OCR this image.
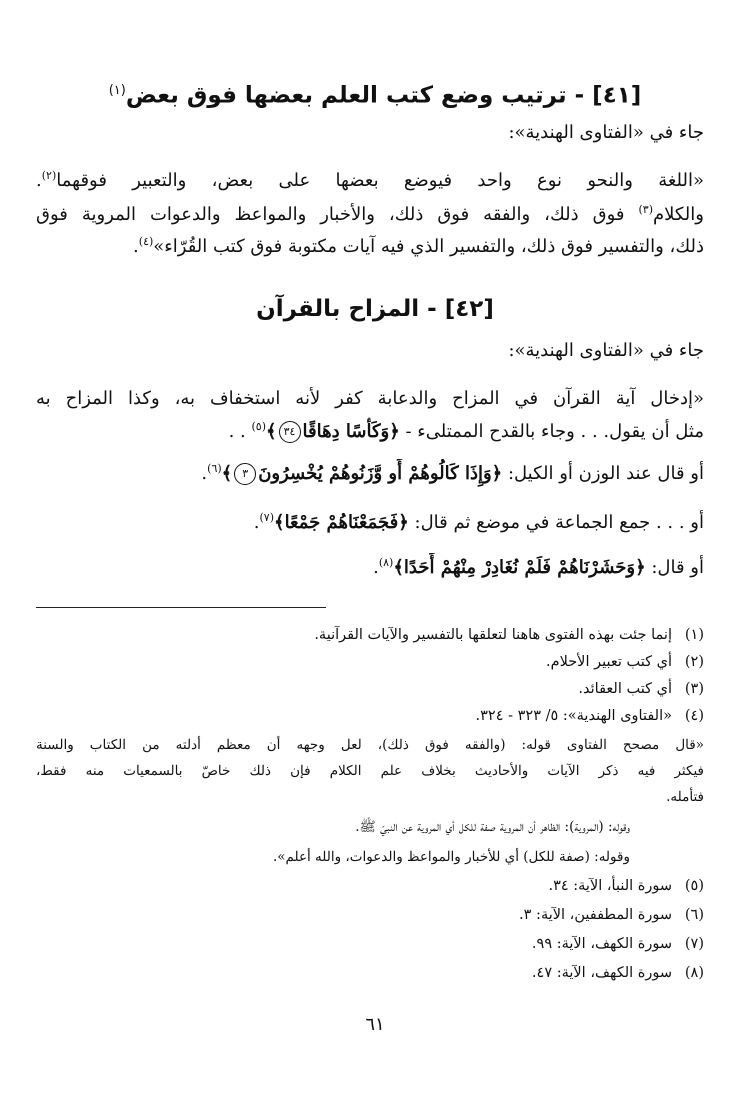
[٤١] - ترتيب وضع كتب العلم بعضها فوق بعض$^{(١)}$
جاء في «الفتاوى الهندية»:
«اللغة والنحو نوع واحد فيوضع بعضها على بعض، والتعبير فوقهما$^{(٢)}$.
والكلام$^{(٣)}$ فوق ذلك، والفقه فوق ذلك، والأخبار والمواعظ والدعوات المروية فوق
ذلك، والتفسير فوق ذلك، والتفسير الذي فيه آيات مكتوبة فوق كتب القُرّاء»$^{(٤)}$.
[٤٢] - المزاح بالقرآن
جاء في «الفتاوى الهندية»:
«إدخال آية القرآن في المزاح والدعابة كفر لأنه استخفاف به، وكذا المزاح به
مثل أن يقول. . . وجاء بالقدح الممتلىء - ﴿وَكَأْسًا دِهَاقًا٣٤﴾$^{(٥)}$ . .
أو قال عند الوزن أو الكيل: ﴿وَإِذَا كَالُوهُمْ أَو وَّزَنُوهُمْ يُخْسِرُونَ٣﴾$^{(٦)}$.
أو . . . جمع الجماعة في موضع ثم قال: ﴿فَجَمَعْنَاهُمْ جَمْعًا﴾$^{(٧)}$.
أو قال: ﴿وَحَشَرْنَاهُمْ فَلَمْ نُغَادِرْ مِنْهُمْ أَحَدًا﴾$^{(٨)}$.
(١)إنما جئت بهذه الفتوى هاهنا لتعلقها بالتفسير والآيات القرآنية.
(٢)أي كتب تعبير الأحلام.
(٣)أي كتب العقائد.
(٤)«الفتاوى الهندية»: ٥/ ٣٢٣ - ٣٢٤.
«قال مصحح الفتاوى قوله: (والفقه فوق ذلك)، لعل وجهه أن معظم أدلته من الكتاب والسنة
فيكثر فيه ذكر الآيات والأحاديث بخلاف علم الكلام فإن ذلك خاصّ بالسمعيات منه فقط،
فتأمله.
وقوله: (المروية): الظاهر أن المروية صفة للكل أي المروية عن النبيّ ﷺ.
وقوله: (صفة للكل) أي للأخبار والمواعظ والدعوات، والله أعلم».
(٥)سورة النبأ، الآية: ٣٤.
(٦)سورة المطففين، الآية: ٣.
(٧)سورة الكهف، الآية: ٩٩.
(٨)سورة الكهف، الآية: ٤٧.
٦١
